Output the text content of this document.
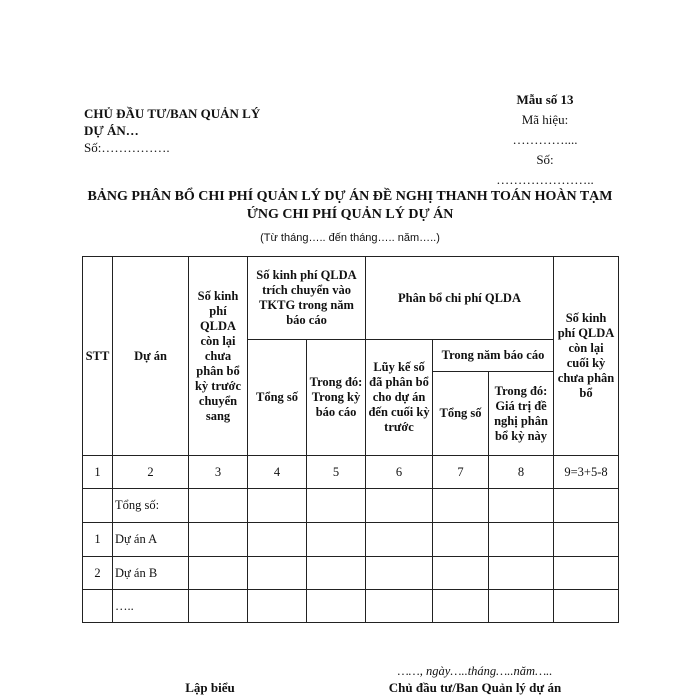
CHỦ ĐẦU TƯ/BAN QUẢN LÝ
DỰ ÁN…
Số:…………….
Mẫu số 13
Mã hiệu:
…………....
Số:
…………………..
BẢNG PHÂN BỔ CHI PHÍ QUẢN LÝ DỰ ÁN ĐỀ NGHỊ THANH TOÁN HOÀN TẠM
ỨNG CHI PHÍ QUẢN LÝ DỰ ÁN
(Từ tháng….. đến tháng….. năm…..)
STT	Dự án	Số kinh phí QLDA còn lại chưa phân bổ kỳ trước chuyển sang	Số kinh phí QLDA trích chuyển vào TKTG trong năm báo cáo		Phân bổ chi phí QLDA			Số kinh phí QLDA còn lại cuối kỳ chưa phân bổ
			Tổng số	Trong đó: Trong kỳ báo cáo	Lũy kế số đã phân bổ cho dự án đến cuối kỳ trước	Trong năm báo cáo		
						Tổng số	Trong đó: Giá trị đề nghị phân bổ kỳ này	
1	2	3	4	5	6	7	8	9=3+5-8
	Tổng số:							
1	Dự án A							
2	Dự án B							
	…..							
……, ngày…..tháng…..năm…..
Lập biểu	Chủ đầu tư/Ban Quản lý dự án
